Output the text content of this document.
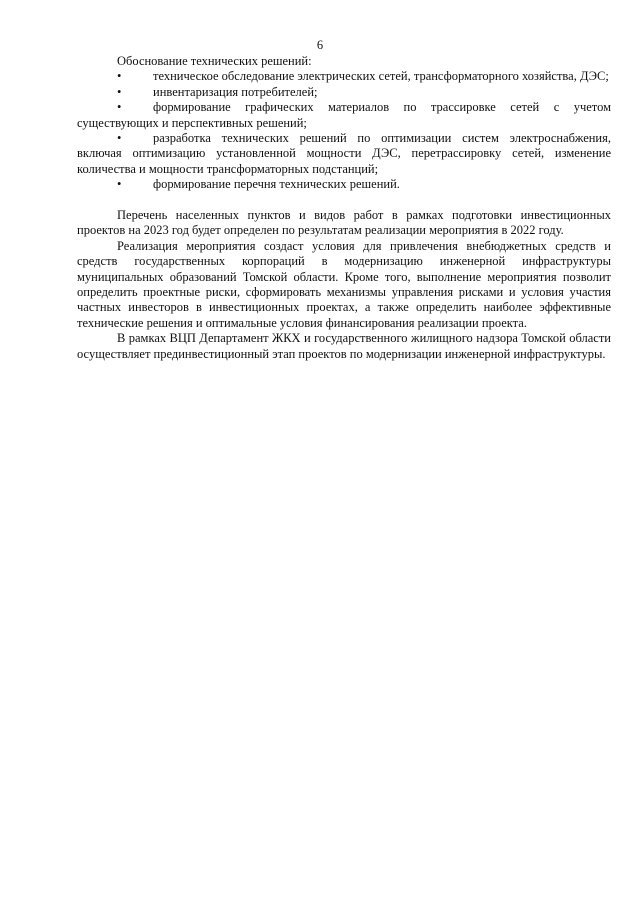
6

Обоснование технических решений:

•	техническое обследование электрических сетей, трансформаторного хозяйства, ДЭС;
•	инвентаризация потребителей;
•	формирование графических материалов по трассировке сетей с учетом существующих и перспективных решений;
•	разработка технических решений по оптимизации систем электроснабжения, включая оптимизацию установленной мощности ДЭС, перетрассировку сетей, изменение количества и мощности трансформаторных подстанций;
•	формирование перечня технических решений.

Перечень населенных пунктов и видов работ в рамках подготовки инвестиционных проектов на 2023 год будет определен по результатам реализации мероприятия в 2022 году.

Реализация мероприятия создаст условия для привлечения внебюджетных средств и средств государственных корпораций в модернизацию инженерной инфраструктуры муниципальных образований Томской области. Кроме того, выполнение мероприятия позволит определить проектные риски, сформировать механизмы управления рисками и условия участия частных инвесторов в инвестиционных проектах, а также определить наиболее эффективные технические решения и оптимальные условия финансирования реализации проекта.

В рамках ВЦП Департамент ЖКХ и государственного жилищного надзора Томской области осуществляет прединвестиционный этап проектов по модернизации инженерной инфраструктуры.
